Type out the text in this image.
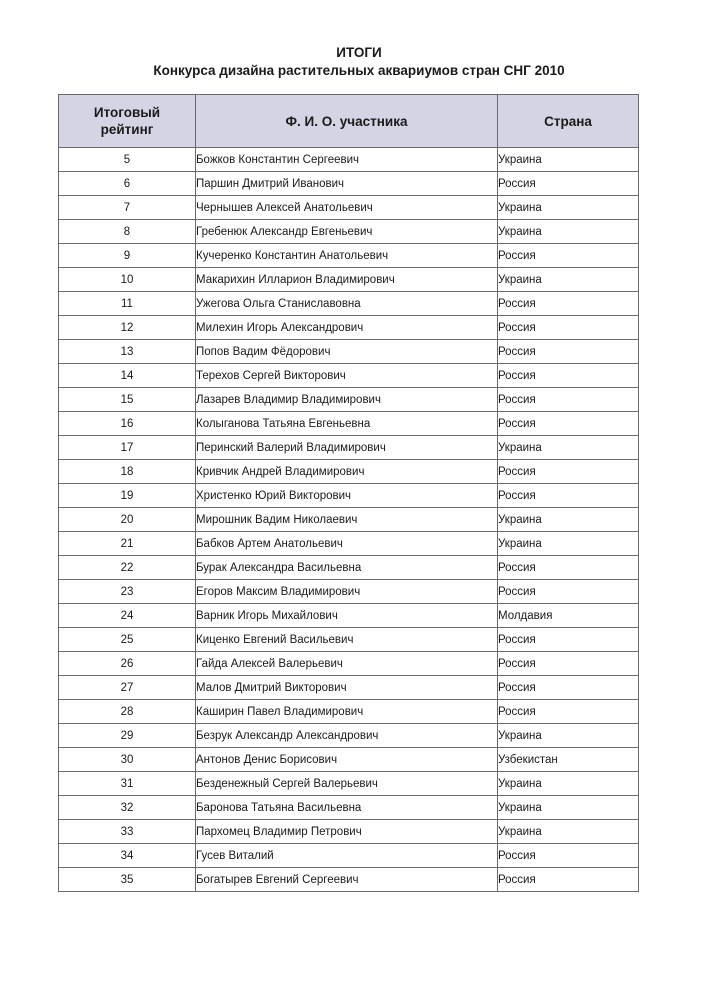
ИТОГИ
Конкурса дизайна растительных аквариумов стран СНГ 2010
Итоговый
рейтинг	Ф. И. О. участника	Страна
5	Божков Константин Сергеевич	Украина
6	Паршин Дмитрий Иванович	Россия
7	Чернышев Алексей Анатольевич	Украина
8	Гребенюк Александр Евгеньевич	Украина
9	Кучеренко Константин Анатольевич	Россия
10	Макарихин Илларион Владимирович	Украина
11	Ужегова Ольга Станиславовна	Россия
12	Милехин Игорь Александрович	Россия
13	Попов Вадим Фёдорович	Россия
14	Терехов Сергей Викторович	Россия
15	Лазарев Владимир Владимирович	Россия
16	Колыганова Татьяна Евгеньевна	Россия
17	Перинский Валерий Владимирович	Украина
18	Кривчик Андрей Владимирович	Россия
19	Христенко Юрий Викторович	Россия
20	Мирошник Вадим Николаевич	Украина
21	Бабков Артем Анатольевич	Украина
22	Бурак Александра Васильевна	Россия
23	Егоров Максим Владимирович	Россия
24	Варник Игорь Михайлович	Молдавия
25	Киценко Евгений Васильевич	Россия
26	Гайда Алексей Валерьевич	Россия
27	Малов Дмитрий Викторович	Россия
28	Каширин Павел Владимирович	Россия
29	Безрук Александр Александрович	Украина
30	Антонов Денис Борисович	Узбекистан
31	Безденежный Сергей Валерьевич	Украина
32	Баронова Татьяна Васильевна	Украина
33	Пархомец Владимир Петрович	Украина
34	Гусев Виталий	Россия
35	Богатырев Евгений Сергеевич	Россия
